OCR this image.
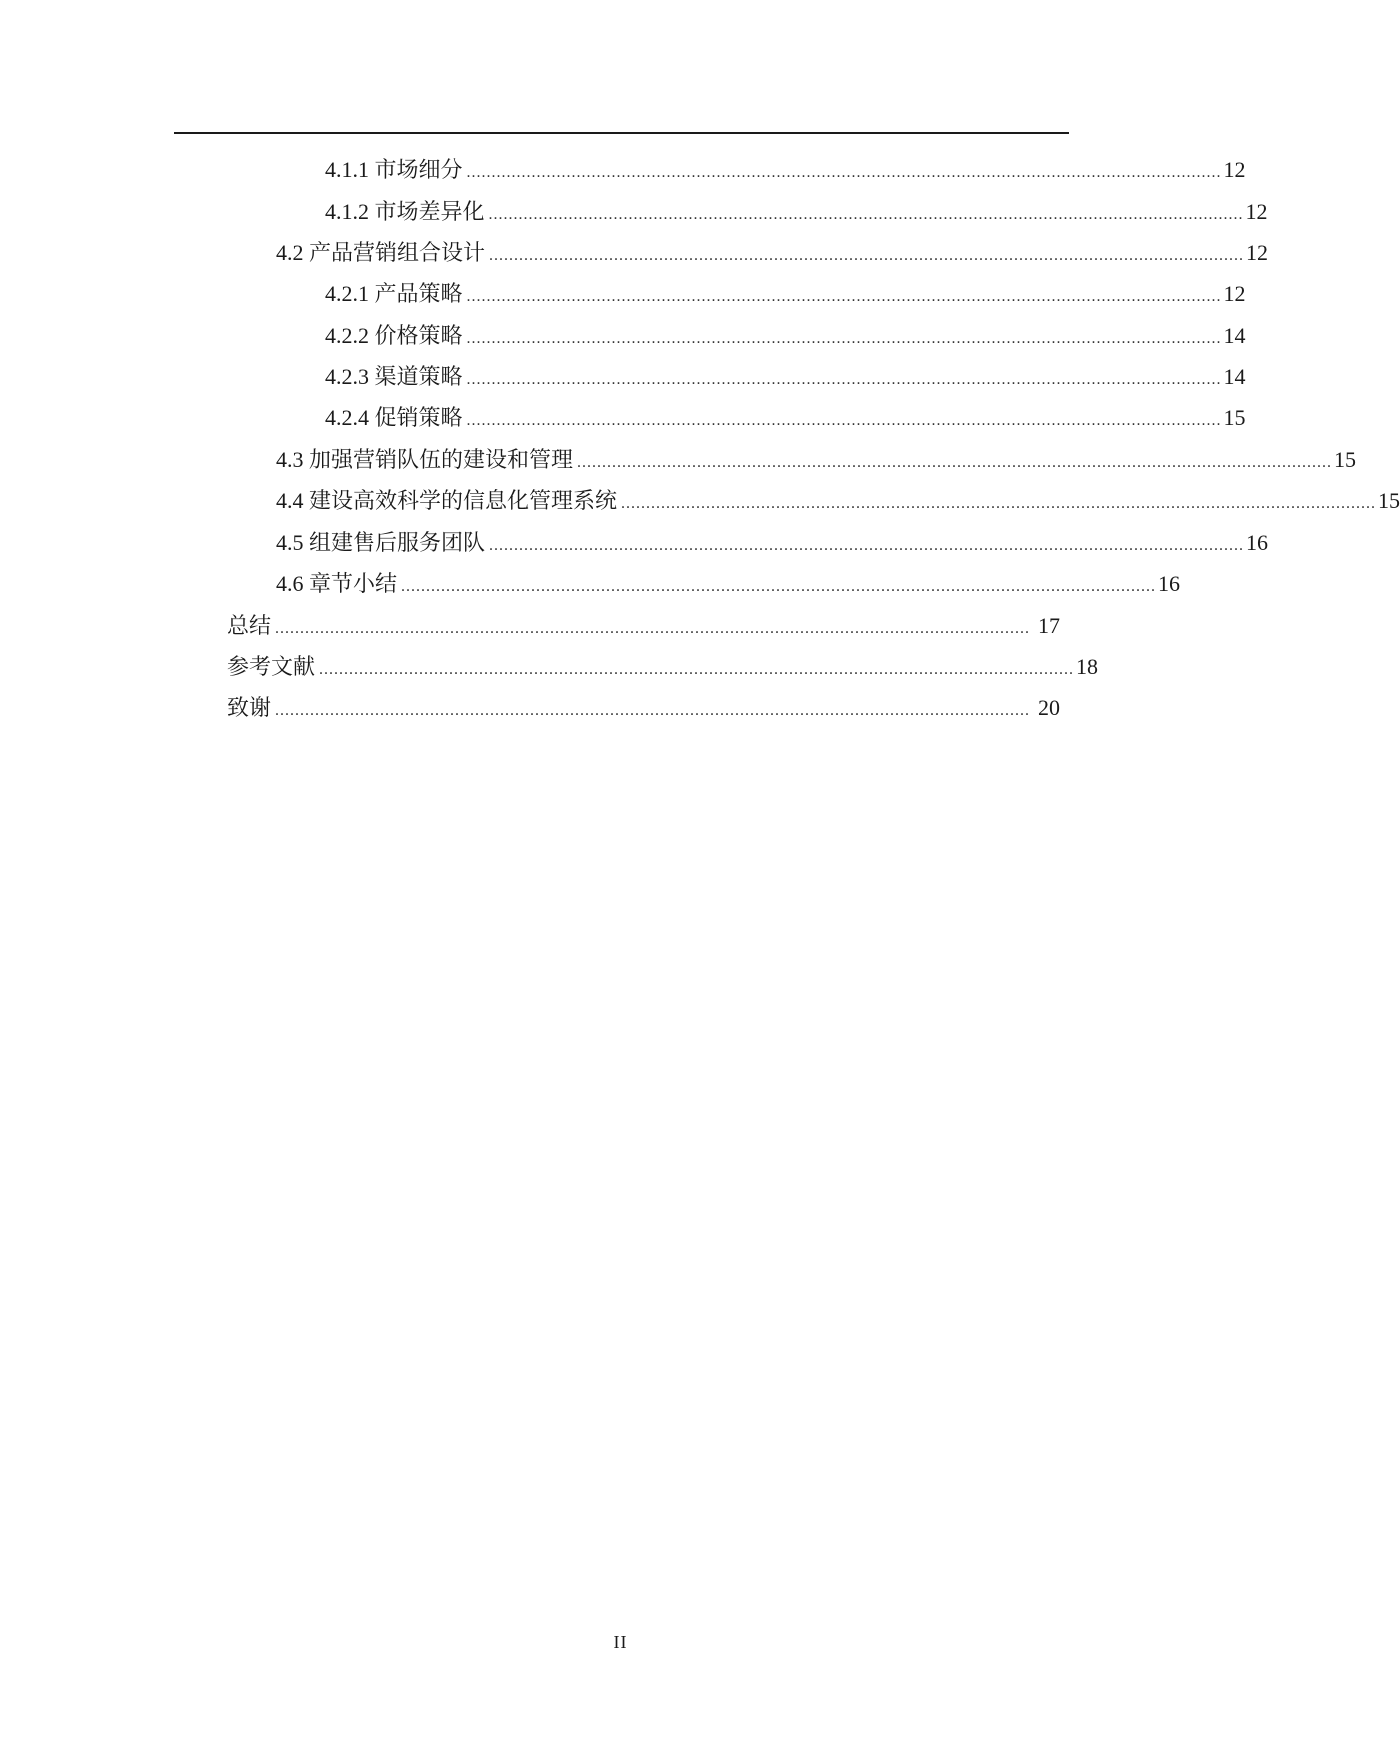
4.1.1 市场细分 ....................................................................................................................................................... 12
4.1.2 市场差异化 ....................................................................................................................................................... 12
4.2 产品营销组合设计 ....................................................................................................................................................... 12
4.2.1 产品策略 ....................................................................................................................................................... 12
4.2.2 价格策略 ....................................................................................................................................................... 14
4.2.3 渠道策略 ....................................................................................................................................................... 14
4.2.4 促销策略 ....................................................................................................................................................... 15
4.3 加强营销队伍的建设和管理 ....................................................................................................................................................... 15
4.4 建设高效科学的信息化管理系统 ....................................................................................................................................................... 15
4.5 组建售后服务团队 ....................................................................................................................................................... 16
4.6 章节小结 ....................................................................................................................................................... 16
总结 ....................................................................................................................................................... 17
参考文献 ....................................................................................................................................................... 18
致谢 ....................................................................................................................................................... 20
II
